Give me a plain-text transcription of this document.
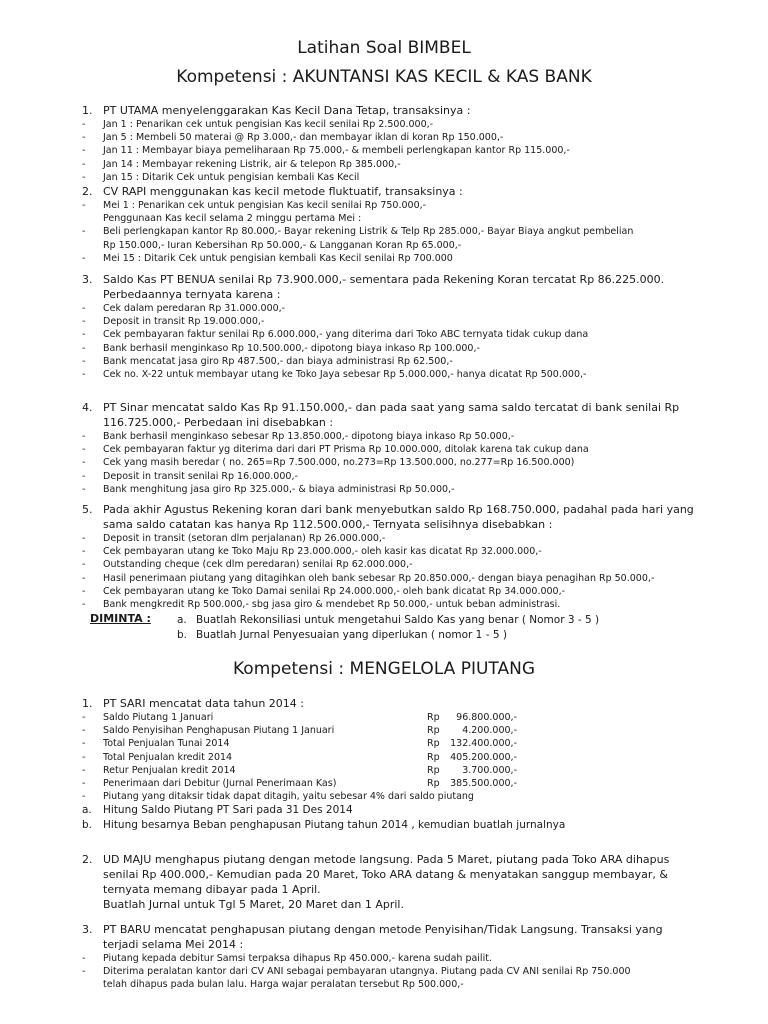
Latihan Soal BIMBEL
Kompetensi : AKUNTANSI KAS KECIL & KAS BANK
1. PT UTAMA menyelenggarakan Kas Kecil Dana Tetap, transaksinya :
- Jan 1 : Penarikan cek untuk pengisian Kas kecil senilai Rp 2.500.000,-
- Jan 5 : Membeli 50 materai @ Rp 3.000,- dan membayar iklan di koran Rp 150.000,-
- Jan 11 : Membayar biaya pemeliharaan Rp 75.000,- & membeli perlengkapan kantor Rp 115.000,-
- Jan 14 : Membayar rekening Listrik, air & telepon Rp 385.000,-
- Jan 15 : Ditarik Cek untuk pengisian kembali Kas Kecil
2. CV RAPI menggunakan kas kecil metode fluktuatif, transaksinya :
- Mei 1 : Penarikan cek untuk pengisian Kas kecil senilai Rp 750.000,-
Penggunaan Kas kecil selama 2 minggu pertama Mei :
- Beli perlengkapan kantor Rp 80.000,- Bayar rekening Listrik & Telp Rp 285.000,- Bayar Biaya angkut pembelian
Rp 150.000,- Iuran Kebersihan Rp 50.000,- & Langganan Koran Rp 65.000,-
- Mei 15 : Ditarik Cek untuk pengisian kembali Kas Kecil senilai Rp 700.000
3. Saldo Kas PT BENUA senilai Rp 73.900.000,- sementara pada Rekening Koran tercatat Rp 86.225.000.
Perbedaannya ternyata karena :
- Cek dalam peredaran Rp 31.000.000,-
- Deposit in transit Rp 19.000.000,-
- Cek pembayaran faktur senilai Rp 6.000.000,- yang diterima dari Toko ABC ternyata tidak cukup dana
- Bank berhasil menginkaso Rp 10.500.000,- dipotong biaya inkaso Rp 100.000,-
- Bank mencatat jasa giro Rp 487.500,- dan biaya administrasi Rp 62.500,-
- Cek no. X-22 untuk membayar utang ke Toko Jaya sebesar Rp 5.000.000,- hanya dicatat Rp 500.000,-
4. PT Sinar mencatat saldo Kas Rp 91.150.000,- dan pada saat yang sama saldo tercatat di bank senilai Rp
116.725.000,- Perbedaan ini disebabkan :
- Bank berhasil menginkaso sebesar Rp 13.850.000,- dipotong biaya inkaso Rp 50.000,-
- Cek pembayaran faktur yg diterima dari dari PT Prisma Rp 10.000.000, ditolak karena tak cukup dana
- Cek yang masih beredar ( no. 265=Rp 7.500.000, no.273=Rp 13.500.000, no.277=Rp 16.500.000)
- Deposit in transit senilai Rp 16.000.000,-
- Bank menghitung jasa giro Rp 325.000,- & biaya administrasi Rp 50.000,-
5. Pada akhir Agustus Rekening koran dari bank menyebutkan saldo Rp 168.750.000, padahal pada hari yang
sama saldo catatan kas hanya Rp 112.500.000,- Ternyata selisihnya disebabkan :
- Deposit in transit (setoran dlm perjalanan) Rp 26.000.000,-
- Cek pembayaran utang ke Toko Maju Rp 23.000.000,- oleh kasir kas dicatat Rp 32.000.000,-
- Outstanding cheque (cek dlm peredaran) senilai Rp 62.000.000,-
- Hasil penerimaan piutang yang ditagihkan oleh bank sebesar Rp 20.850.000,- dengan biaya penagihan Rp 50.000,-
- Cek pembayaran utang ke Toko Damai senilai Rp 24.000.000,- oleh bank dicatat Rp 34.000.000,-
- Bank mengkredit Rp 500.000,- sbg jasa giro & mendebet Rp 50.000,- untuk beban administrasi.
DIMINTA : a. Buatlah Rekonsiliasi untuk mengetahui Saldo Kas yang benar ( Nomor 3 - 5 )
b. Buatlah Jurnal Penyesuaian yang diperlukan ( nomor 1 - 5 )
Kompetensi : MENGELOLA PIUTANG
1. PT SARI mencatat data tahun 2014 :
- Saldo Piutang 1 Januari	Rp	96.800.000,-
- Saldo Penyisihan Penghapusan Piutang 1 Januari	Rp	4.200.000,-
- Total Penjualan Tunai 2014	Rp	132.400.000,-
- Total Penjualan kredit 2014	Rp	405.200.000,-
- Retur Penjualan kredit 2014	Rp	3.700.000,-
- Penerimaan dari Debitur (Jurnal Penerimaan Kas)	Rp	385.500.000,-
- Piutang yang ditaksir tidak dapat ditagih, yaitu sebesar 4% dari saldo piutang
a. Hitung Saldo Piutang PT Sari pada 31 Des 2014
b. Hitung besarnya Beban penghapusan Piutang tahun 2014 , kemudian buatlah jurnalnya
2. UD MAJU menghapus piutang dengan metode langsung. Pada 5 Maret, piutang pada Toko ARA dihapus
senilai Rp 400.000,- Kemudian pada 20 Maret, Toko ARA datang & menyatakan sanggup membayar, &
ternyata memang dibayar pada 1 April.
Buatlah Jurnal untuk Tgl 5 Maret, 20 Maret dan 1 April.
3. PT BARU mencatat penghapusan piutang dengan metode Penyisihan/Tidak Langsung. Transaksi yang
terjadi selama Mei 2014 :
- Piutang kepada debitur Samsi terpaksa dihapus Rp 450.000,- karena sudah pailit.
- Diterima peralatan kantor dari CV ANI sebagai pembayaran utangnya. Piutang pada CV ANI senilai Rp 750.000
telah dihapus pada bulan lalu. Harga wajar peralatan tersebut Rp 500.000,-
